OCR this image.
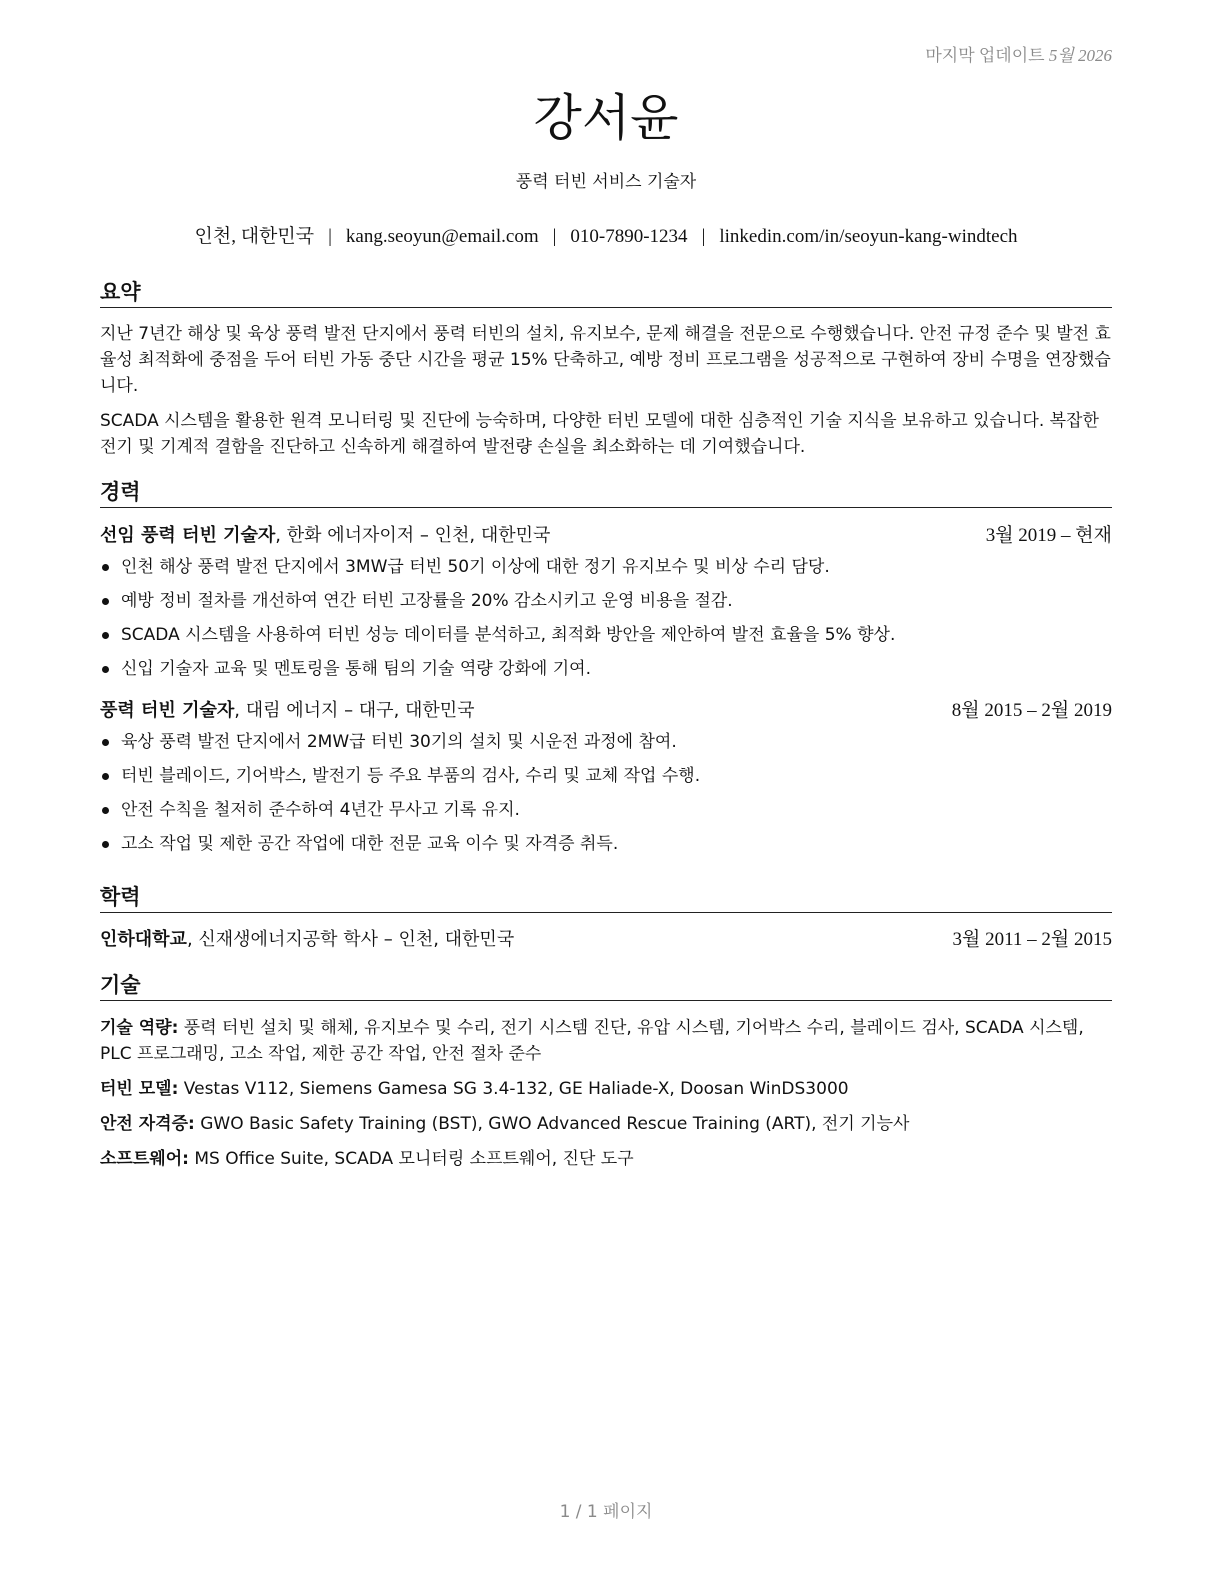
마지막 업데이트 5월 2026
강서윤
풍력 터빈 서비스 기술자
인천, 대한민국 | kang.seoyun@email.com | 010-7890-1234 | linkedin.com/in/seoyun-kang-windtech
요약

지난 7년간 해상 및 육상 풍력 발전 단지에서 풍력 터빈의 설치, 유지보수, 문제 해결을 전문으로 수행했습니다. 안전 규정 준수 및 발전 효율성 최적화에 중점을 두어 터빈 가동 중단 시간을 평균 15% 단축하고, 예방 정비 프로그램을 성공적으로 구현하여 장비 수명을 연장했습니다.

SCADA 시스템을 활용한 원격 모니터링 및 진단에 능숙하며, 다양한 터빈 모델에 대한 심층적인 기술 지식을 보유하고 있습니다. 복잡한 전기 및 기계적 결함을 진단하고 신속하게 해결하여 발전량 손실을 최소화하는 데 기여했습니다.

경력
선임 풍력 터빈 기술자, 한화 에너자이저 – 인천, 대한민국	3월 2019 – 현재
인천 해상 풍력 발전 단지에서 3MW급 터빈 50기 이상에 대한 정기 유지보수 및 비상 수리 담당.
예방 정비 절차를 개선하여 연간 터빈 고장률을 20% 감소시키고 운영 비용을 절감.
SCADA 시스템을 사용하여 터빈 성능 데이터를 분석하고, 최적화 방안을 제안하여 발전 효율을 5% 향상.
신입 기술자 교육 및 멘토링을 통해 팀의 기술 역량 강화에 기여.
풍력 터빈 기술자, 대림 에너지 – 대구, 대한민국	8월 2015 – 2월 2019
육상 풍력 발전 단지에서 2MW급 터빈 30기의 설치 및 시운전 과정에 참여.
터빈 블레이드, 기어박스, 발전기 등 주요 부품의 검사, 수리 및 교체 작업 수행.
안전 수칙을 철저히 준수하여 4년간 무사고 기록 유지.
고소 작업 및 제한 공간 작업에 대한 전문 교육 이수 및 자격증 취득.
학력
인하대학교, 신재생에너지공학 학사 – 인천, 대한민국	3월 2011 – 2월 2015
기술

기술 역량: 풍력 터빈 설치 및 해체, 유지보수 및 수리, 전기 시스템 진단, 유압 시스템, 기어박스 수리, 블레이드 검사, SCADA 시스템, PLC 프로그래밍, 고소 작업, 제한 공간 작업, 안전 절차 준수

터빈 모델: Vestas V112, Siemens Gamesa SG 3.4-132, GE Haliade-X, Doosan WinDS3000

안전 자격증: GWO Basic Safety Training (BST), GWO Advanced Rescue Training (ART), 전기 기능사

소프트웨어: MS Office Suite, SCADA 모니터링 소프트웨어, 진단 도구

1 / 1 페이지
